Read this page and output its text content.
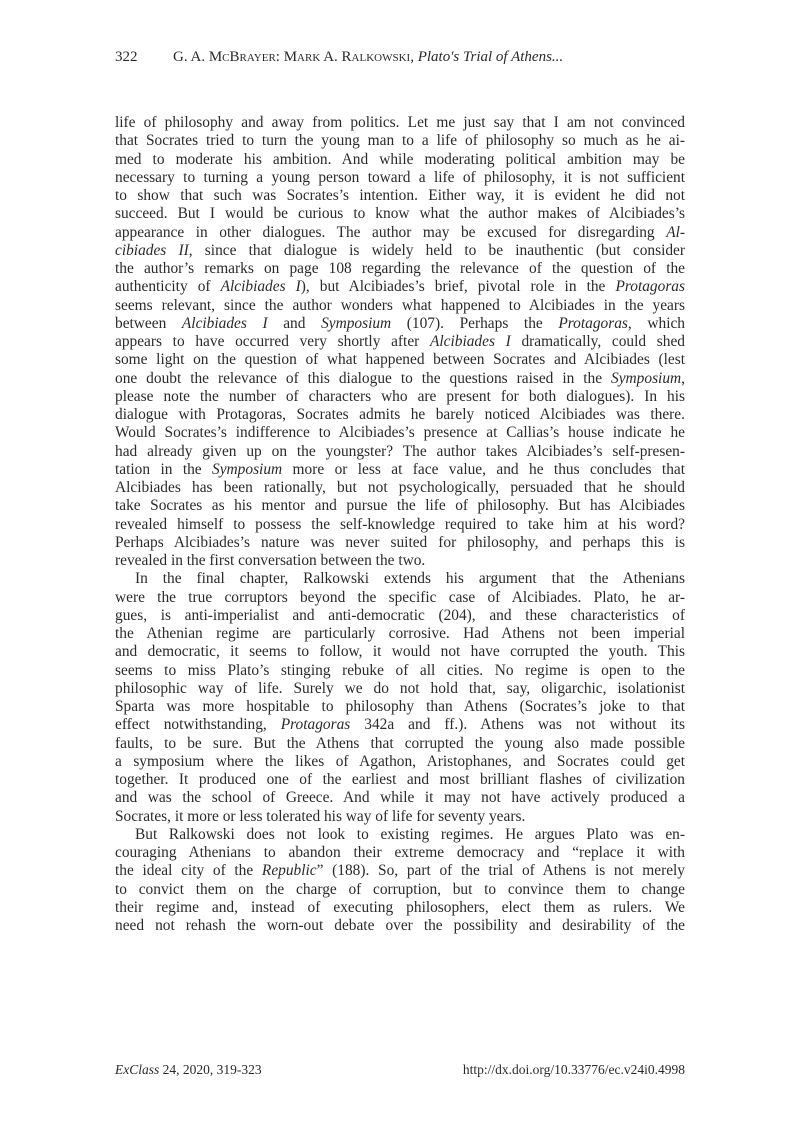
322 G. A. McBrayer: Mark A. Ralkowski, Plato's Trial of Athens...
life of philosophy and away from politics. Let me just say that I am not convinced
that Socrates tried to turn the young man to a life of philosophy so much as he ai-
med to moderate his ambition. And while moderating political ambition may be
necessary to turning a young person toward a life of philosophy, it is not sufficient
to show that such was Socrates’s intention. Either way, it is evident he did not
succeed. But I would be curious to know what the author makes of Alcibiades’s
appearance in other dialogues. The author may be excused for disregarding Al-
cibiades II, since that dialogue is widely held to be inauthentic (but consider
the author’s remarks on page 108 regarding the relevance of the question of the
authenticity of Alcibiades I), but Alcibiades’s brief, pivotal role in the Protagoras
seems relevant, since the author wonders what happened to Alcibiades in the years
between Alcibiades I and Symposium (107). Perhaps the Protagoras, which
appears to have occurred very shortly after Alcibiades I dramatically, could shed
some light on the question of what happened between Socrates and Alcibiades (lest
one doubt the relevance of this dialogue to the questions raised in the Symposium,
please note the number of characters who are present for both dialogues). In his
dialogue with Protagoras, Socrates admits he barely noticed Alcibiades was there.
Would Socrates’s indifference to Alcibiades’s presence at Callias’s house indicate he
had already given up on the youngster? The author takes Alcibiades’s self-presen-
tation in the Symposium more or less at face value, and he thus concludes that
Alcibiades has been rationally, but not psychologically, persuaded that he should
take Socrates as his mentor and pursue the life of philosophy. But has Alcibiades
revealed himself to possess the self-knowledge required to take him at his word?
Perhaps Alcibiades’s nature was never suited for philosophy, and perhaps this is
revealed in the first conversation between the two.
In the final chapter, Ralkowski extends his argument that the Athenians
were the true corruptors beyond the specific case of Alcibiades. Plato, he ar-
gues, is anti-imperialist and anti-democratic (204), and these characteristics of
the Athenian regime are particularly corrosive. Had Athens not been imperial
and democratic, it seems to follow, it would not have corrupted the youth. This
seems to miss Plato’s stinging rebuke of all cities. No regime is open to the
philosophic way of life. Surely we do not hold that, say, oligarchic, isolationist
Sparta was more hospitable to philosophy than Athens (Socrates’s joke to that
effect notwithstanding, Protagoras 342a and ff.). Athens was not without its
faults, to be sure. But the Athens that corrupted the young also made possible
a symposium where the likes of Agathon, Aristophanes, and Socrates could get
together. It produced one of the earliest and most brilliant flashes of civilization
and was the school of Greece. And while it may not have actively produced a
Socrates, it more or less tolerated his way of life for seventy years.
But Ralkowski does not look to existing regimes. He argues Plato was en-
couraging Athenians to abandon their extreme democracy and “replace it with
the ideal city of the Republic” (188). So, part of the trial of Athens is not merely
to convict them on the charge of corruption, but to convince them to change
their regime and, instead of executing philosophers, elect them as rulers. We
need not rehash the worn-out debate over the possibility and desirability of the
ExClass 24, 2020, 319-323	http://dx.doi.org/10.33776/ec.v24i0.4998
